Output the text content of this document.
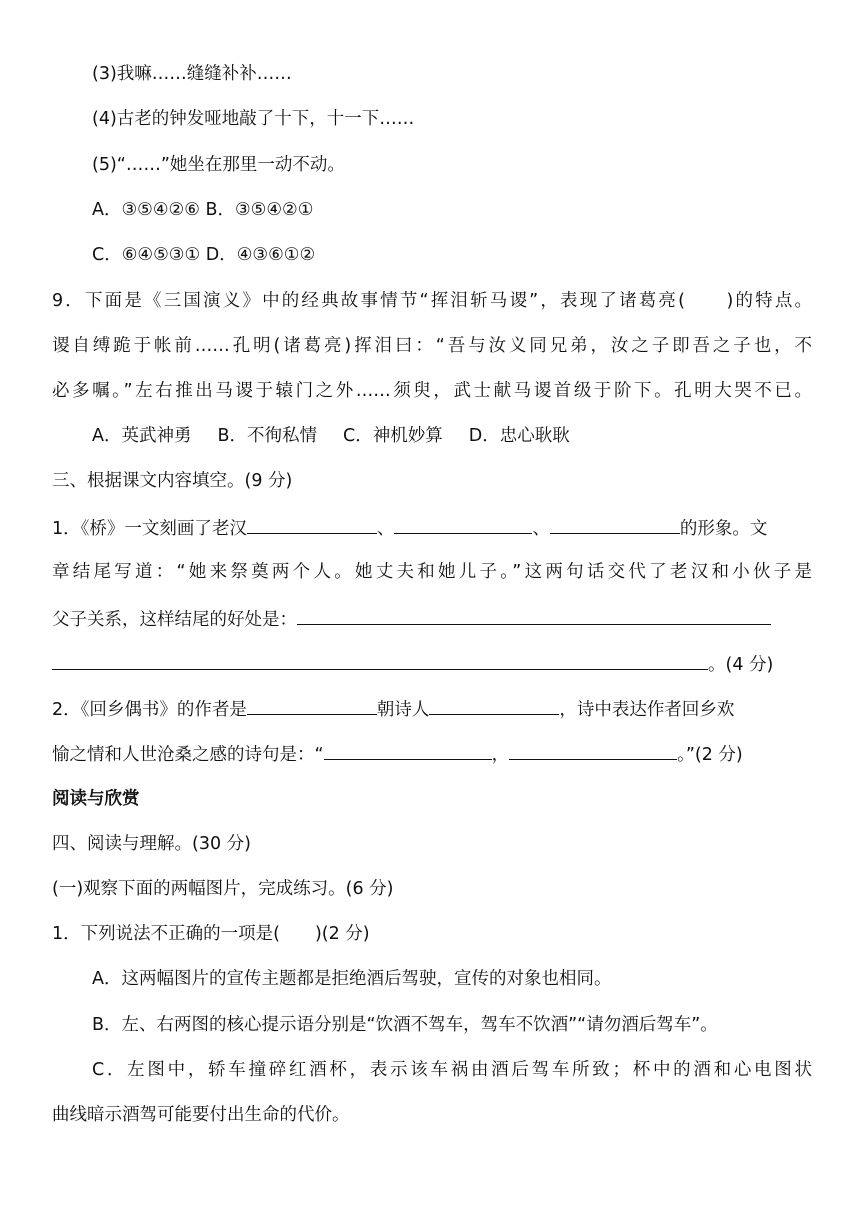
(3)我嘛……缝缝补补……
(4)古老的钟发哑地敲了十下，十一下……
(5)“……”她坐在那里一动不动。
A．③⑤④②⑥ B．③⑤④②①
C．⑥④⑤③① D．④③⑥①②
9．下面是《三国演义》中的经典故事情节“挥泪斩马谡”，表现了诸葛亮(　　)的特点。
谡自缚跪于帐前……孔明(诸葛亮)挥泪曰：“吾与汝义同兄弟，汝之子即吾之子也，不
必多嘱。”左右推出马谡于辕门之外……须臾，武士献马谡首级于阶下。孔明大哭不已。
A．英武神勇 B．不徇私情 C．神机妙算 D．忠心耿耿
三、根据课文内容填空。(9 分)
1．《桥》一文刻画了老汉	、	、	的形象。文
章结尾写道：“她来祭奠两个人。她丈夫和她儿子。”这两句话交代了老汉和小伙子是
父子关系，这样结尾的好处是：
。(4 分)
2．《回乡偶书》的作者是	朝诗人	，诗中表达作者回乡欢
愉之情和人世沧桑之感的诗句是：“	，	。”(2 分)
阅读与欣赏
四、阅读与理解。(30 分)
(一)观察下面的两幅图片，完成练习。(6 分)
1．下列说法不正确的一项是(　　)(2 分)
A．这两幅图片的宣传主题都是拒绝酒后驾驶，宣传的对象也相同。
B．左、右两图的核心提示语分别是“饮酒不驾车，驾车不饮酒”“请勿酒后驾车”。
C．左图中，轿车撞碎红酒杯，表示该车祸由酒后驾车所致；杯中的酒和心电图状
曲线暗示酒驾可能要付出生命的代价。
